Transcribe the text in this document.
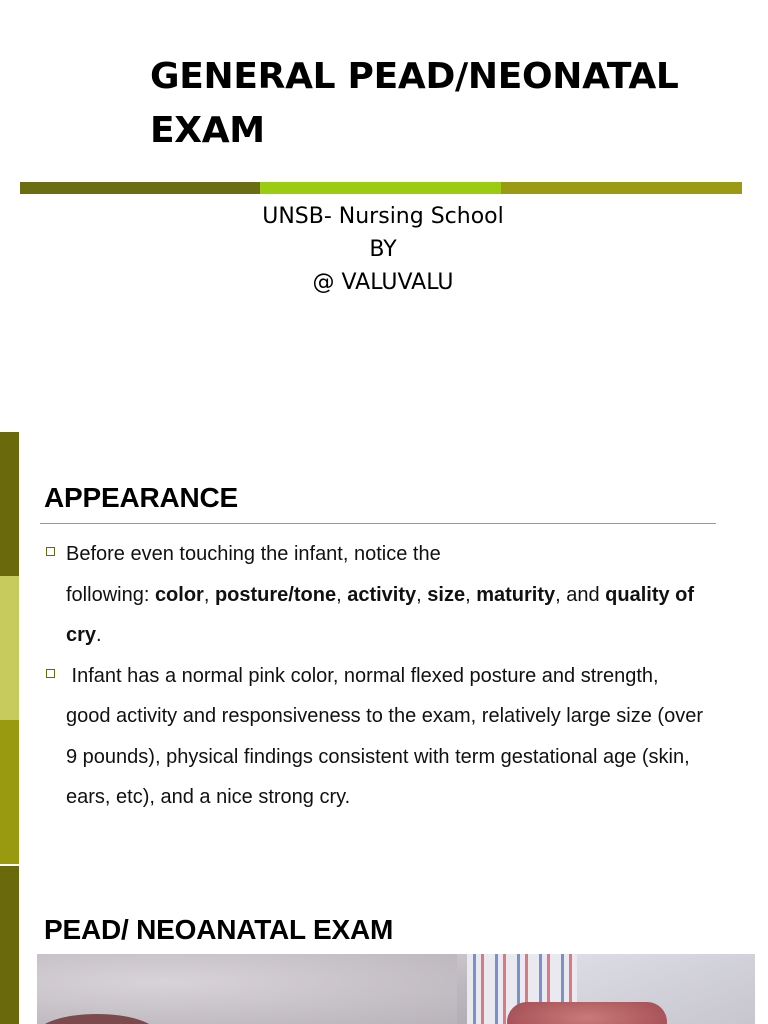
GENERAL PEAD/NEONATAL
EXAM
UNSB- Nursing School
BY
@ VALUVALU
APPEARANCE
Before even touching the infant, notice the
following: color, posture/tone, activity, size, maturity, and quality of
cry.
Infant has a normal pink color, normal flexed posture and strength,
good activity and responsiveness to the exam, relatively large size (over
9 pounds), physical findings consistent with term gestational age (skin,
ears, etc), and a nice strong cry.
PEAD/ NEOANATAL EXAM
